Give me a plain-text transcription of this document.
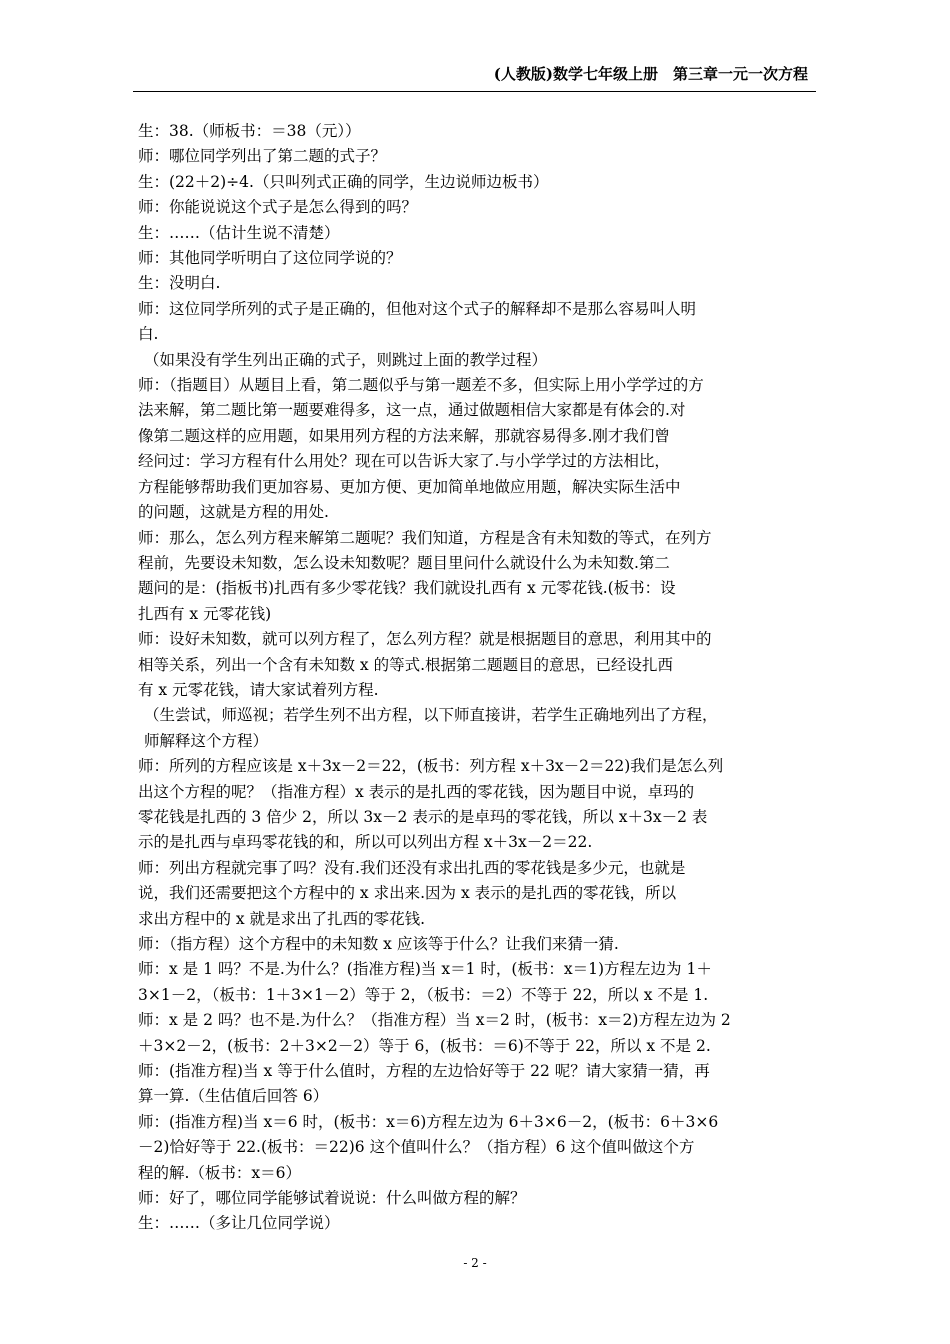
(人教版)数学七年级上册　第三章一元一次方程
生：38.（师板书：＝38（元））
师：哪位同学列出了第二题的式子？
生：(22＋2)÷4.（只叫列式正确的同学，生边说师边板书）
师：你能说说这个式子是怎么得到的吗？
生：……（估计生说不清楚）
师：其他同学听明白了这位同学说的？
生：没明白.
师：这位同学所列的式子是正确的，但他对这个式子的解释却不是那么容易叫人明
白.
（如果没有学生列出正确的式子，则跳过上面的教学过程）
师：（指题目）从题目上看，第二题似乎与第一题差不多，但实际上用小学学过的方
法来解，第二题比第一题要难得多，这一点，通过做题相信大家都是有体会的.对
像第二题这样的应用题，如果用列方程的方法来解，那就容易得多.刚才我们曾
经问过：学习方程有什么用处？现在可以告诉大家了.与小学学过的方法相比，
方程能够帮助我们更加容易、更加方便、更加简单地做应用题，解决实际生活中
的问题，这就是方程的用处.
师：那么，怎么列方程来解第二题呢？我们知道，方程是含有未知数的等式，在列方
程前，先要设未知数，怎么设未知数呢？题目里问什么就设什么为未知数.第二
题问的是：(指板书)扎西有多少零花钱？我们就设扎西有 x 元零花钱.(板书：设
扎西有 x 元零花钱)
师：设好未知数，就可以列方程了，怎么列方程？就是根据题目的意思，利用其中的
相等关系，列出一个含有未知数 x 的等式.根据第二题题目的意思，已经设扎西
有 x 元零花钱，请大家试着列方程.
（生尝试，师巡视；若学生列不出方程，以下师直接讲，若学生正确地列出了方程，
师解释这个方程）
师：所列的方程应该是 x＋3x－2＝22，(板书：列方程 x＋3x－2＝22)我们是怎么列
出这个方程的呢？（指准方程）x 表示的是扎西的零花钱，因为题目中说，卓玛的
零花钱是扎西的 3 倍少 2，所以 3x－2 表示的是卓玛的零花钱，所以 x＋3x－2 表
示的是扎西与卓玛零花钱的和，所以可以列出方程 x＋3x－2＝22.
师：列出方程就完事了吗？没有.我们还没有求出扎西的零花钱是多少元，也就是
说，我们还需要把这个方程中的 x 求出来.因为 x 表示的是扎西的零花钱，所以
求出方程中的 x 就是求出了扎西的零花钱.
师：（指方程）这个方程中的未知数 x 应该等于什么？让我们来猜一猜.
师：x 是 1 吗？不是.为什么？(指准方程)当 x＝1 时，(板书：x＝1)方程左边为 1＋
3×1－2，（板书：1＋3×1－2）等于 2，（板书：＝2）不等于 22，所以 x 不是 1.
师：x 是 2 吗？也不是.为什么？（指准方程）当 x＝2 时，(板书：x＝2)方程左边为 2
＋3×2－2，(板书：2＋3×2－2）等于 6，(板书：＝6)不等于 22，所以 x 不是 2.
师：(指准方程)当 x 等于什么值时，方程的左边恰好等于 22 呢？请大家猜一猜，再
算一算.（生估值后回答 6）
师：(指准方程)当 x＝6 时，(板书：x＝6)方程左边为 6＋3×6－2，(板书：6＋3×6
－2)恰好等于 22.(板书：＝22)6 这个值叫什么？（指方程）6 这个值叫做这个方
程的解.（板书：x＝6）
师：好了，哪位同学能够试着说说：什么叫做方程的解？
生：……（多让几位同学说）
- 2 -
